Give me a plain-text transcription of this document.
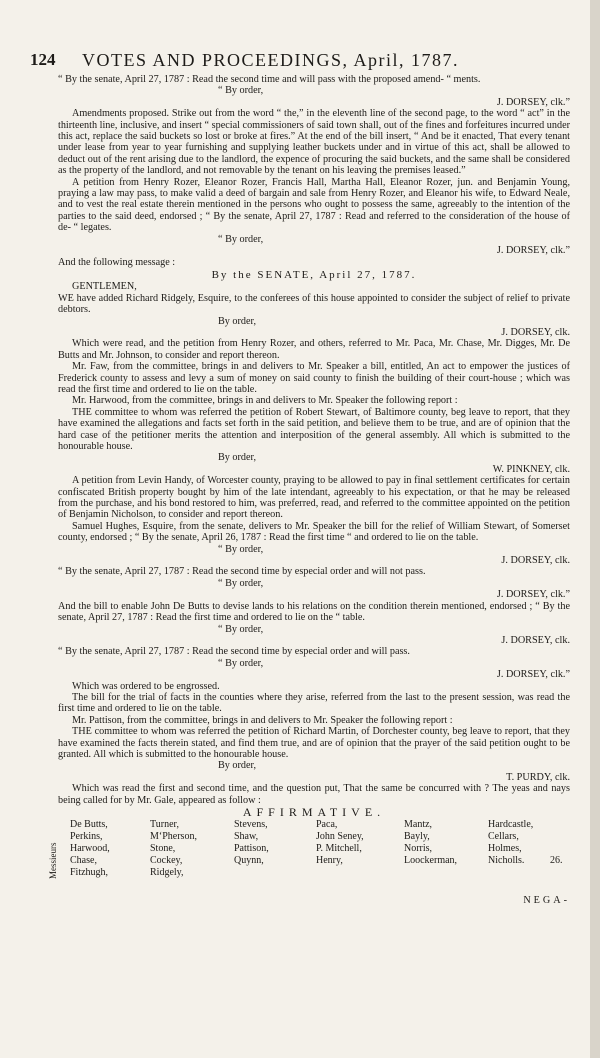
124 VOTES AND PROCEEDINGS, April, 1787.

“ By the senate, April 27, 1787 : Read the second time and will pass with the proposed amend- “ ments.

“ By order,

J. DORSEY, clk.”

Amendments proposed. Strike out from the word “ the,” in the eleventh line of the second page, to the word “ act” in the thirteenth line, inclusive, and insert “ special commissioners of said town shall, out of the fines and forfeitures incurred under this act, replace the said buckets so lost or broke at fires.” At the end of the bill insert, “ And be it enacted, That every tenant under lease from year to year furnishing and supplying leather buckets under and in virtue of this act, shall be allowed to deduct out of the rent arising due to the landlord, the expence of procuring the said buckets, and the same shall be considered as the property of the landlord, and not removable by the tenant on his leaving the premises leased.”

A petition from Henry Rozer, Eleanor Rozer, Francis Hall, Martha Hall, Eleanor Rozer, jun. and Benjamin Young, praying a law may pass, to make valid a deed of bargain and sale from Henry Rozer, and Eleanor his wife, to Edward Neale, and to vest the real estate therein mentioned in the persons who ought to possess the same, agreeably to the intention of the parties to the said deed, endorsed ; “ By the senate, April 27, 1787 : Read and referred to the consideration of the house of de- “ legates.

“ By order,

J. DORSEY, clk.”

And the following message :

By the SENATE, April 27, 1787.

GENTLEMEN,

WE have added Richard Ridgely, Esquire, to the conferees of this house appointed to consider the subject of relief to private debtors.

By order,

J. DORSEY, clk.

Which were read, and the petition from Henry Rozer, and others, referred to Mr. Paca, Mr. Chase, Mr. Digges, Mr. De Butts and Mr. Johnson, to consider and report thereon.

Mr. Faw, from the committee, brings in and delivers to Mr. Speaker a bill, entitled, An act to empower the justices of Frederick county to assess and levy a sum of money on said county to finish the building of their court-house ; which was read the first time and ordered to lie on the table.

Mr. Harwood, from the committee, brings in and delivers to Mr. Speaker the following report :

THE committee to whom was referred the petition of Robert Stewart, of Baltimore county, beg leave to report, that they have examined the allegations and facts set forth in the said petition, and believe them to be true, and are of opinion that the hard case of the petitioner merits the attention and interposition of the general assembly. All which is submitted to the honourable house.

By order,

W. PINKNEY, clk.

A petition from Levin Handy, of Worcester county, praying to be allowed to pay in final settlement certificates for certain confiscated British property bought by him of the late intendant, agreeably to his expectation, or that he may be released from the purchase, and his bond restored to him, was preferred, read, and referred to the committee appointed on the petition of Benjamin Nicholson, to consider and report thereon.

Samuel Hughes, Esquire, from the senate, delivers to Mr. Speaker the bill for the relief of William Stewart, of Somerset county, endorsed ; “ By the senate, April 26, 1787 : Read the first time “ and ordered to lie on the table.

“ By order,

J. DORSEY, clk.

“ By the senate, April 27, 1787 : Read the second time by especial order and will not pass.

“ By order,

J. DORSEY, clk.”

And the bill to enable John De Butts to devise lands to his relations on the condition therein mentioned, endorsed ; “ By the senate, April 27, 1787 : Read the first time and ordered to lie on the “ table.

“ By order,

J. DORSEY, clk.

“ By the senate, April 27, 1787 : Read the second time by especial order and will pass.

“ By order,

J. DORSEY, clk.”

Which was ordered to be engrossed.

The bill for the trial of facts in the counties where they arise, referred from the last to the present session, was read the first time and ordered to lie on the table.

Mr. Pattison, from the committee, brings in and delivers to Mr. Speaker the following report :

THE committee to whom was referred the petition of Richard Martin, of Dorchester county, beg leave to report, that they have examined the facts therein stated, and find them true, and are of opinion that the prayer of the said petition ought to be granted. All which is submitted to the honourable house.

By order,

T. PURDY, clk.

Which was read the first and second time, and the question put, That the same be concurred with ? The yeas and nays being called for by Mr. Gale, appeared as follow :

AFFIRMATIVE.

Messieurs
De Butts,
Perkins,
Harwood,
Chase,
Fitzhugh,
Turner,
M‘Pherson,
Stone,
Cockey,
Ridgely,
Stevens,
Shaw,
Pattison,
Quynn,
Paca,
John Seney,
P. Mitchell,
Henry,
Mantz,
Bayly,
Norris,
Loockerman,
Hardcastle,
Cellars,
Holmes,
Nicholls.	26.
NEGA-
